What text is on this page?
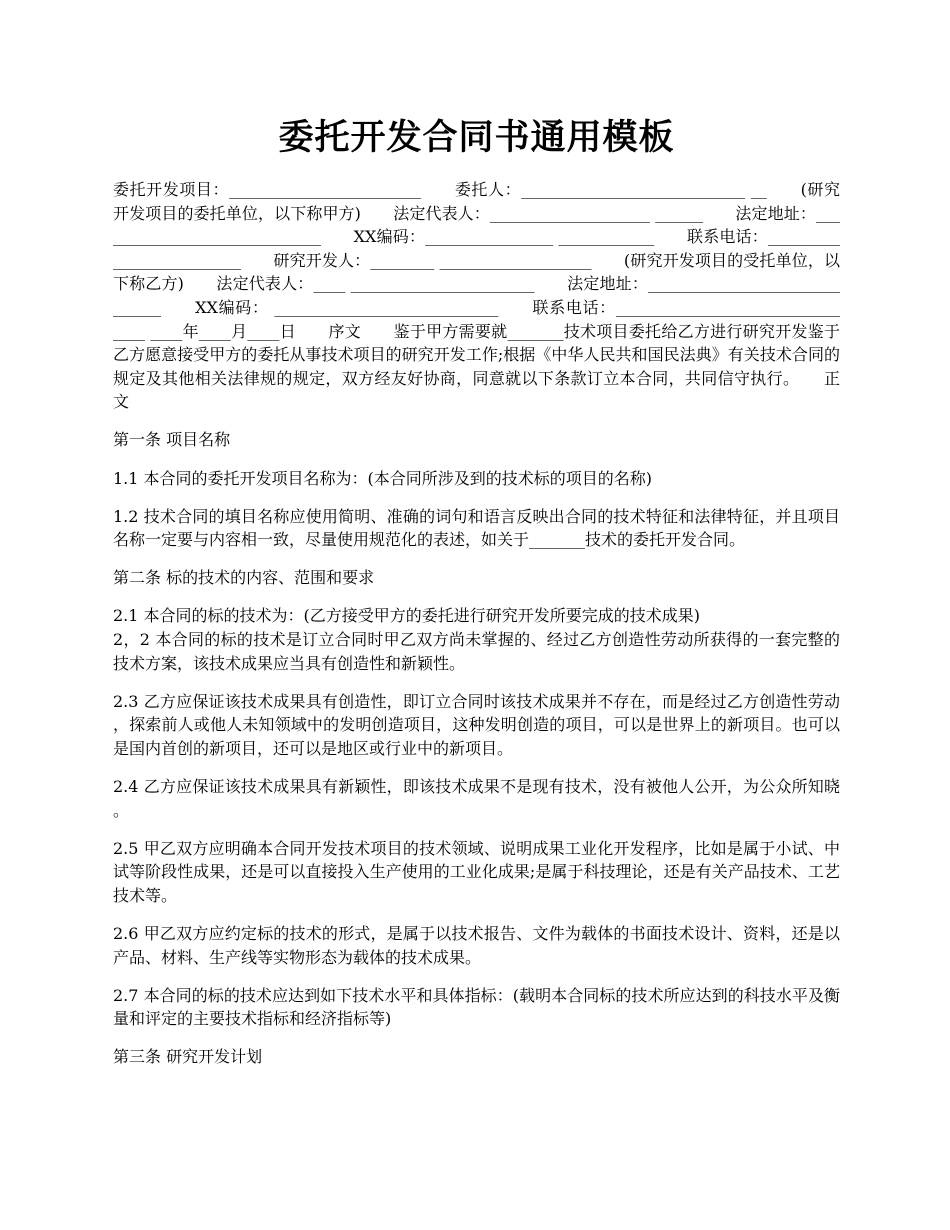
委托开发合同书通用模板

委托开发项目：________________________　　委托人：____________________________ __　　(研究开发项目的委托单位，以下称甲方)　　法定代表人：____________________ ______　　法定地址：_____________________________　　XX编码：________________ ____________　　联系电话：_________________________　　研究开发人：________ ___________________　　(研究开发项目的受托单位，以下称乙方)　　法定代表人：____ _______________________　　法定地址：______________________________　　XX编码： ____________________________　　联系电话：____________________________　　____ ____年____月____日　　序文　　鉴于甲方需要就_______技术项目委托给乙方进行研究开发鉴于乙方愿意接受甲方的委托从事技术项目的研究开发工作;根据《中华人民共和国民法典》有关技术合同的规定及其他相关法律规的规定，双方经友好协商，同意就以下条款订立本合同，共同信守执行。　　正文

第一条 项目名称

1.1 本合同的委托开发项目名称为：(本合同所涉及到的技术标的项目的名称)

1.2 技术合同的填目名称应使用简明、准确的词句和语言反映出合同的技术特征和法律特征，并且项目名称一定要与内容相一致，尽量使用规范化的表述，如关于_______技术的委托开发合同。

第二条 标的技术的内容、范围和要求

2.1 本合同的标的技术为：(乙方接受甲方的委托进行研究开发所要完成的技术成果)

2，2 本合同的标的技术是订立合同时甲乙双方尚未掌握的、经过乙方创造性劳动所获得的一套完整的技术方案，该技术成果应当具有创造性和新颖性。

2.3 乙方应保证该技术成果具有创造性，即订立合同时该技术成果并不存在，而是经过乙方创造性劳动，探索前人或他人未知领域中的发明创造项目，这种发明创造的项目，可以是世界上的新项目。也可以是国内首创的新项目，还可以是地区或行业中的新项目。

2.4 乙方应保证该技术成果具有新颖性，即该技术成果不是现有技术，没有被他人公开，为公众所知晓。

2.5 甲乙双方应明确本合同开发技术项目的技术领域、说明成果工业化开发程序，比如是属于小试、中试等阶段性成果，还是可以直接投入生产使用的工业化成果;是属于科技理论，还是有关产品技术、工艺技术等。

2.6 甲乙双方应约定标的技术的形式，是属于以技术报告、文件为载体的书面技术设计、资料，还是以产品、材料、生产线等实物形态为载体的技术成果。

2.7 本合同的标的技术应达到如下技术水平和具体指标：(载明本合同标的技术所应达到的科技水平及衡量和评定的主要技术指标和经济指标等)

第三条 研究开发计划
